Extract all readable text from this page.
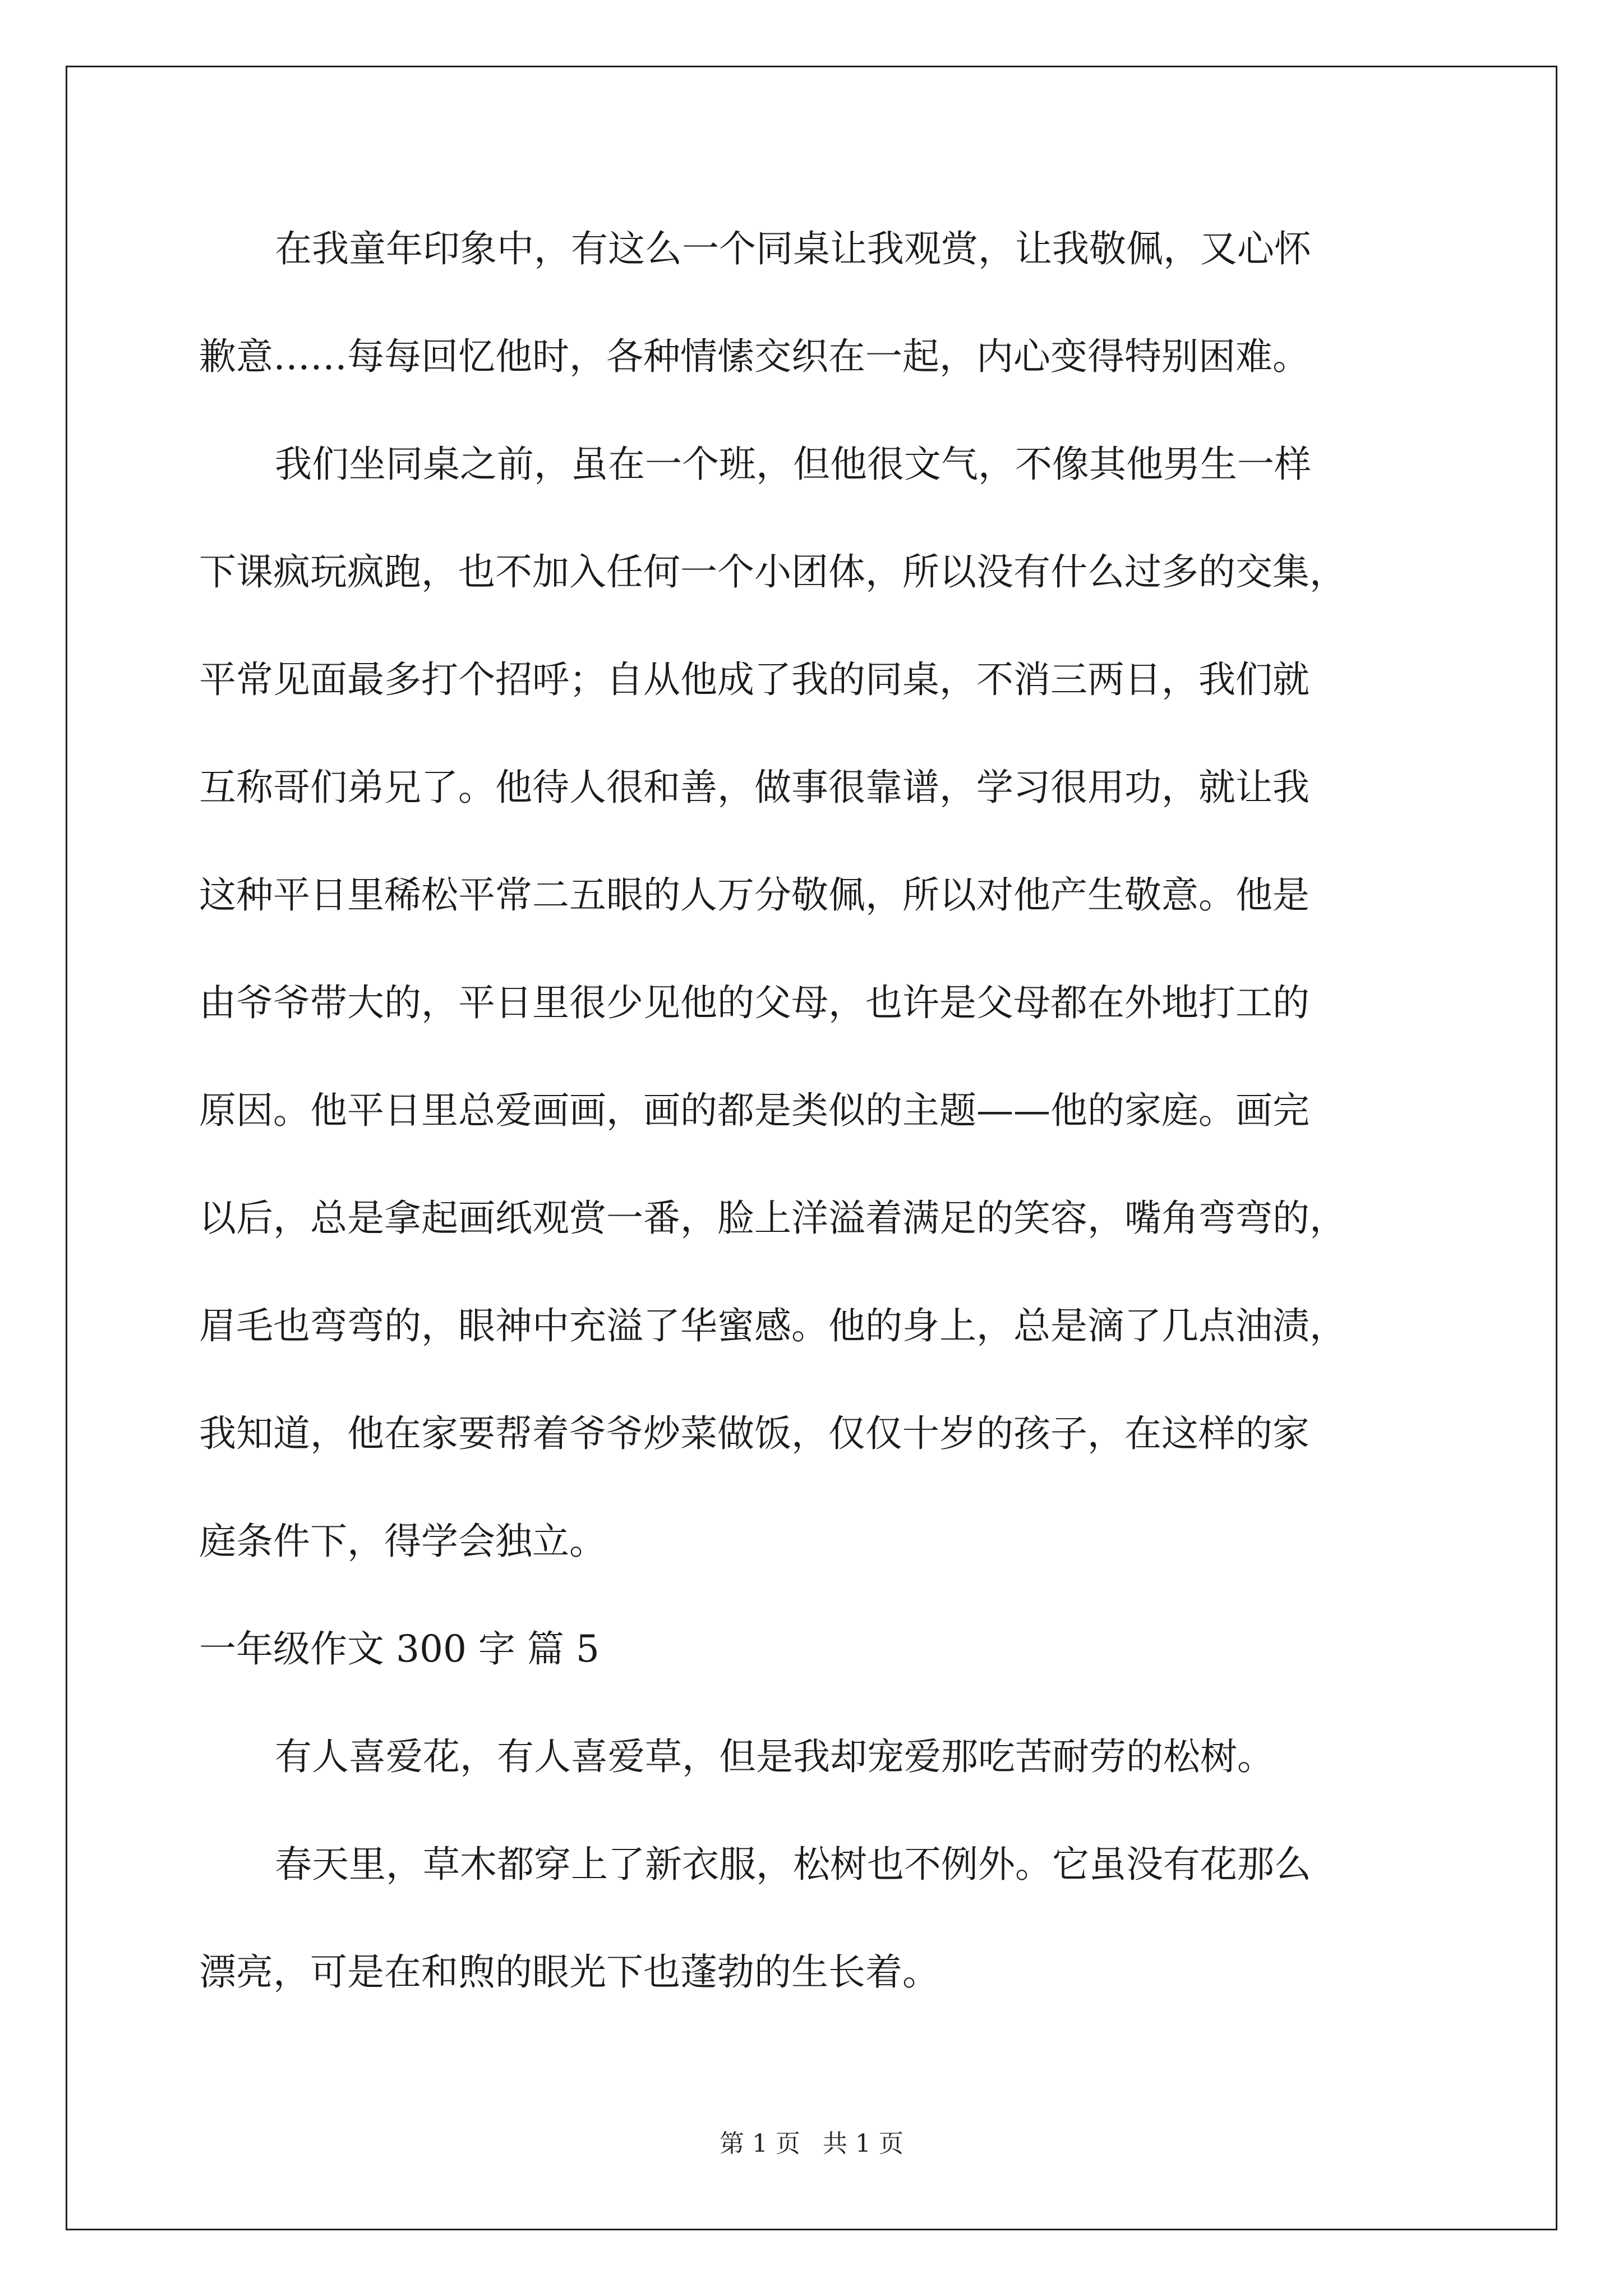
在我童年印象中，有这么一个同桌让我观赏，让我敬佩，又心怀
歉意……每每回忆他时，各种情愫交织在一起，内心变得特别困难。
我们坐同桌之前，虽在一个班，但他很文气，不像其他男生一样
下课疯玩疯跑，也不加入任何一个小团体，所以没有什么过多的交集，
平常见面最多打个招呼；自从他成了我的同桌，不消三两日，我们就
互称哥们弟兄了。他待人很和善，做事很靠谱，学习很用功，就让我
这种平日里稀松平常二五眼的人万分敬佩，所以对他产生敬意。他是
由爷爷带大的，平日里很少见他的父母，也许是父母都在外地打工的
原因。他平日里总爱画画，画的都是类似的主题——他的家庭。画完
以后，总是拿起画纸观赏一番，脸上洋溢着满足的笑容，嘴角弯弯的，
眉毛也弯弯的，眼神中充溢了华蜜感。他的身上，总是滴了几点油渍，
我知道，他在家要帮着爷爷炒菜做饭，仅仅十岁的孩子，在这样的家
庭条件下，得学会独立。
一年级作文 300 字 篇 5
有人喜爱花，有人喜爱草，但是我却宠爱那吃苦耐劳的松树。
春天里，草木都穿上了新衣服，松树也不例外。它虽没有花那么
漂亮，可是在和煦的眼光下也蓬勃的生长着。
第 1 页 共 1 页
